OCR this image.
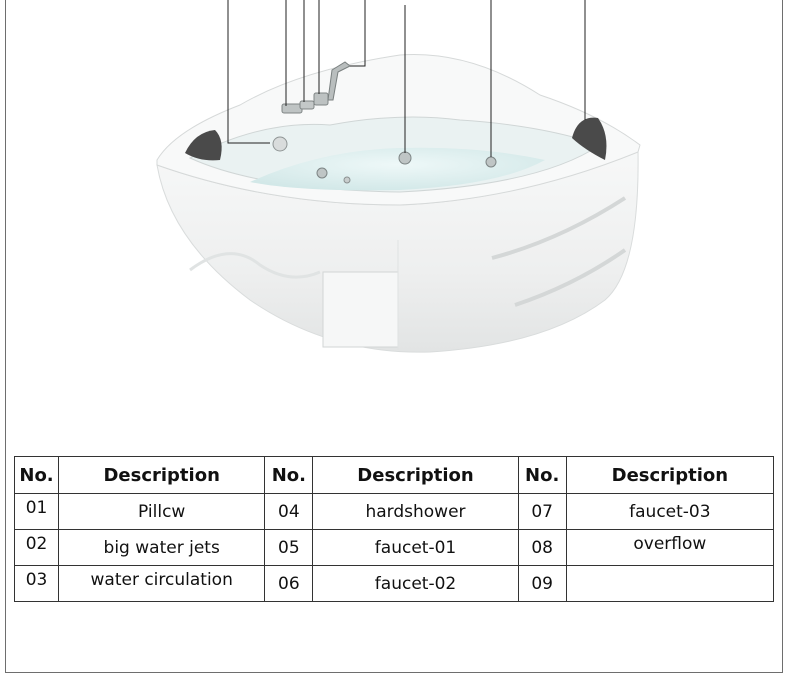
No.	Description	No.	Description	No.	Description
01	Pillcw	04	hardshower	07	faucet-03
02	big water jets	05	faucet-01	08	overflow
03	water circulation	06	faucet-02	09	
